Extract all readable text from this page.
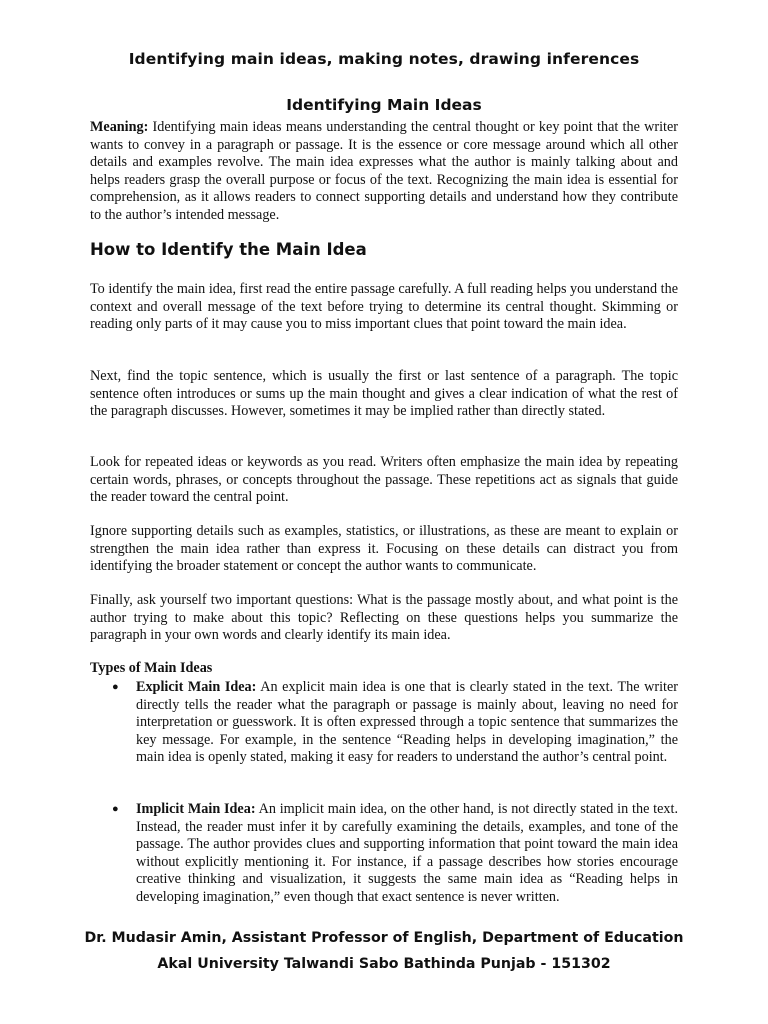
Identifying main ideas, making notes, drawing inferences
Identifying Main Ideas
Meaning: Identifying main ideas means understanding the central thought or key point that the writer wants to convey in a paragraph or passage. It is the essence or core message around which all other details and examples revolve. The main idea expresses what the author is mainly talking about and helps readers grasp the overall purpose or focus of the text. Recognizing the main idea is essential for comprehension, as it allows readers to connect supporting details and understand how they contribute to the author’s intended message.
How to Identify the Main Idea
To identify the main idea, first read the entire passage carefully. A full reading helps you understand the context and overall message of the text before trying to determine its central thought. Skimming or reading only parts of it may cause you to miss important clues that point toward the main idea.
Next, find the topic sentence, which is usually the first or last sentence of a paragraph. The topic sentence often introduces or sums up the main thought and gives a clear indication of what the rest of the paragraph discusses. However, sometimes it may be implied rather than directly stated.
Look for repeated ideas or keywords as you read. Writers often emphasize the main idea by repeating certain words, phrases, or concepts throughout the passage. These repetitions act as signals that guide the reader toward the central point.
Ignore supporting details such as examples, statistics, or illustrations, as these are meant to explain or strengthen the main idea rather than express it. Focusing on these details can distract you from identifying the broader statement or concept the author wants to communicate.
Finally, ask yourself two important questions: What is the passage mostly about, and what point is the author trying to make about this topic? Reflecting on these questions helps you summarize the paragraph in your own words and clearly identify its main idea.
Types of Main Ideas
●	Explicit Main Idea: An explicit main idea is one that is clearly stated in the text. The writer directly tells the reader what the paragraph or passage is mainly about, leaving no need for interpretation or guesswork. It is often expressed through a topic sentence that summarizes the key message. For example, in the sentence “Reading helps in developing imagination,” the main idea is openly stated, making it easy for readers to understand the author’s central point.
●	Implicit Main Idea: An implicit main idea, on the other hand, is not directly stated in the text. Instead, the reader must infer it by carefully examining the details, examples, and tone of the passage. The author provides clues and supporting information that point toward the main idea without explicitly mentioning it. For instance, if a passage describes how stories encourage creative thinking and visualization, it suggests the same main idea as “Reading helps in developing imagination,” even though that exact sentence is never written.
Dr. Mudasir Amin, Assistant Professor of English, Department of Education
Akal University Talwandi Sabo Bathinda Punjab - 151302
